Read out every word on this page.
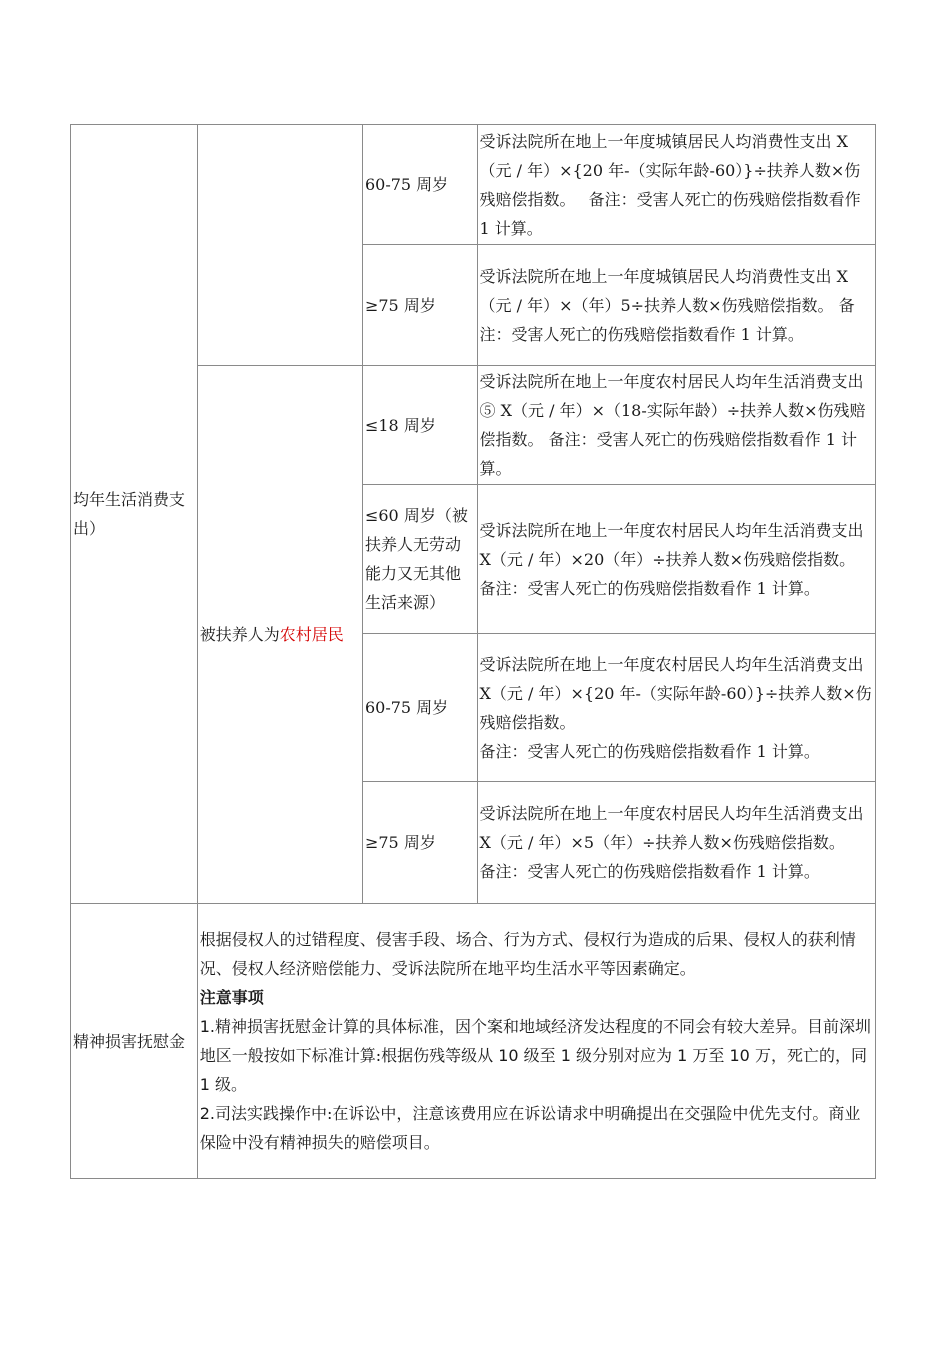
均年生活消费支出）		60-75 周岁	受诉法院所在地上一年度城镇居民人均消费性支出 X（元 / 年）×{20 年-（实际年龄-60）}÷扶养人数×伤残赔偿指数。　 备注：受害人死亡的伤残赔偿指数看作 1 计算。
		≥75 周岁	受诉法院所在地上一年度城镇居民人均消费性支出 X（元 / 年）×（年）5÷扶养人数×伤残赔偿指数。 备注：受害人死亡的伤残赔偿指数看作 1 计算。
	被扶养人为农村居民	≤18 周岁	受诉法院所在地上一年度农村居民人均年生活消费支出⑤ X（元 / 年）×（18-实际年龄）÷扶养人数×伤残赔偿指数。 备注：受害人死亡的伤残赔偿指数看作 1 计算。
		≤60 周岁（被扶养人无劳动能力又无其他生活来源）	受诉法院所在地上一年度农村居民人均年生活消费支出 X（元 / 年）×20（年）÷扶养人数×伤残赔偿指数。　 备注：受害人死亡的伤残赔偿指数看作 1 计算。
		60-75 周岁	受诉法院所在地上一年度农村居民人均年生活消费支出 X（元 / 年）×{20 年-（实际年龄-60）}÷扶养人数×伤残赔偿指数。
备注：受害人死亡的伤残赔偿指数看作 1 计算。

		≥75 周岁	受诉法院所在地上一年度农村居民人均年生活消费支出 X（元 / 年）×5（年）÷扶养人数×伤残赔偿指数。　 备注：受害人死亡的伤残赔偿指数看作 1 计算。
精神损害抚慰金	根据侵权人的过错程度、侵害手段、场合、行为方式、侵权行为造成的后果、侵权人的获利情况、侵权人经济赔偿能力、受诉法院所在地平均生活水平等因素确定。
注意事项
1.精神损害抚慰金计算的具体标准，因个案和地域经济发达程度的不同会有较大差异。目前深圳地区一般按如下标准计算:根据伤残等级从 10 级至 1 级分别对应为 1 万至 10 万，死亡的，同 1 级。
2.司法实践操作中:在诉讼中，注意该费用应在诉讼请求中明确提出在交强险中优先支付。商业保险中没有精神损失的赔偿项目。		
